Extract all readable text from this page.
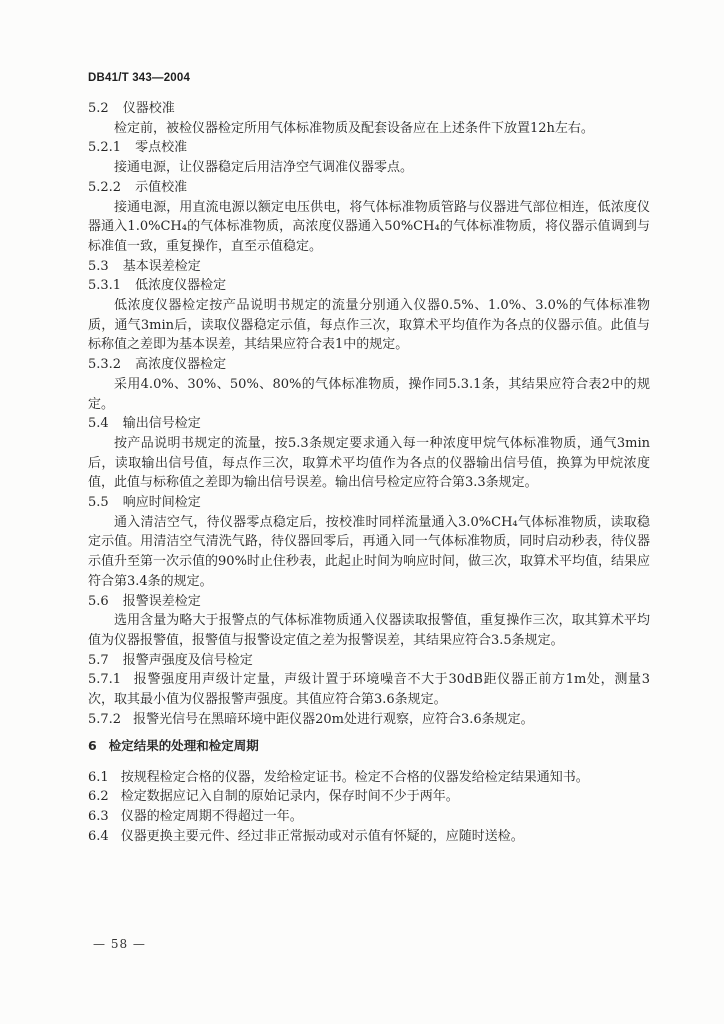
DB41/T 343—2004
5.2 仪器校准

检定前，被检仪器检定所用气体标准物质及配套设备应在上述条件下放置12h左右。

5.2.1 零点校准

接通电源，让仪器稳定后用洁净空气调准仪器零点。

5.2.2 示值校准

接通电源，用直流电源以额定电压供电，将气体标准物质管路与仪器进气部位相连，低浓度仪器通入1.0%CH₄的气体标准物质，高浓度仪器通入50%CH₄的气体标准物质，将仪器示值调到与标准值一致，重复操作，直至示值稳定。

5.3 基本误差检定
5.3.1 低浓度仪器检定

低浓度仪器检定按产品说明书规定的流量分别通入仪器0.5%、1.0%、3.0%的气体标准物质，通气3min后，读取仪器稳定示值，每点作三次，取算术平均值作为各点的仪器示值。此值与标称值之差即为基本误差，其结果应符合表1中的规定。

5.3.2 高浓度仪器检定

采用4.0%、30%、50%、80%的气体标准物质，操作同5.3.1条，其结果应符合表2中的规定。

5.4 输出信号检定

按产品说明书规定的流量，按5.3条规定要求通入每一种浓度甲烷气体标准物质，通气3min后，读取输出信号值，每点作三次，取算术平均值作为各点的仪器输出信号值，换算为甲烷浓度值，此值与标称值之差即为输出信号误差。输出信号检定应符合第3.3条规定。

5.5 响应时间检定

通入清洁空气，待仪器零点稳定后，按校准时同样流量通入3.0%CH₄气体标准物质，读取稳定示值。用清洁空气清洗气路，待仪器回零后，再通入同一气体标准物质，同时启动秒表，待仪器示值升至第一次示值的90%时止住秒表，此起止时间为响应时间，做三次，取算术平均值，结果应符合第3.4条的规定。

5.6 报警误差检定

选用含量为略大于报警点的气体标准物质通入仪器读取报警值，重复操作三次，取其算术平均值为仪器报警值，报警值与报警设定值之差为报警误差，其结果应符合3.5条规定。

5.7 报警声强度及信号检定

5.7.1 报警强度用声级计定量，声级计置于环境噪音不大于30dB距仪器正前方1m处，测量3次，取其最小值为仪器报警声强度。其值应符合第3.6条规定。

5.7.2 报警光信号在黑暗环境中距仪器20m处进行观察，应符合3.6条规定。

6 检定结果的处理和检定周期

6.1 按规程检定合格的仪器，发给检定证书。检定不合格的仪器发给检定结果通知书。

6.2 检定数据应记入自制的原始记录内，保存时间不少于两年。

6.3 仪器的检定周期不得超过一年。

6.4 仪器更换主要元件、经过非正常振动或对示值有怀疑的，应随时送检。

— 58 —
